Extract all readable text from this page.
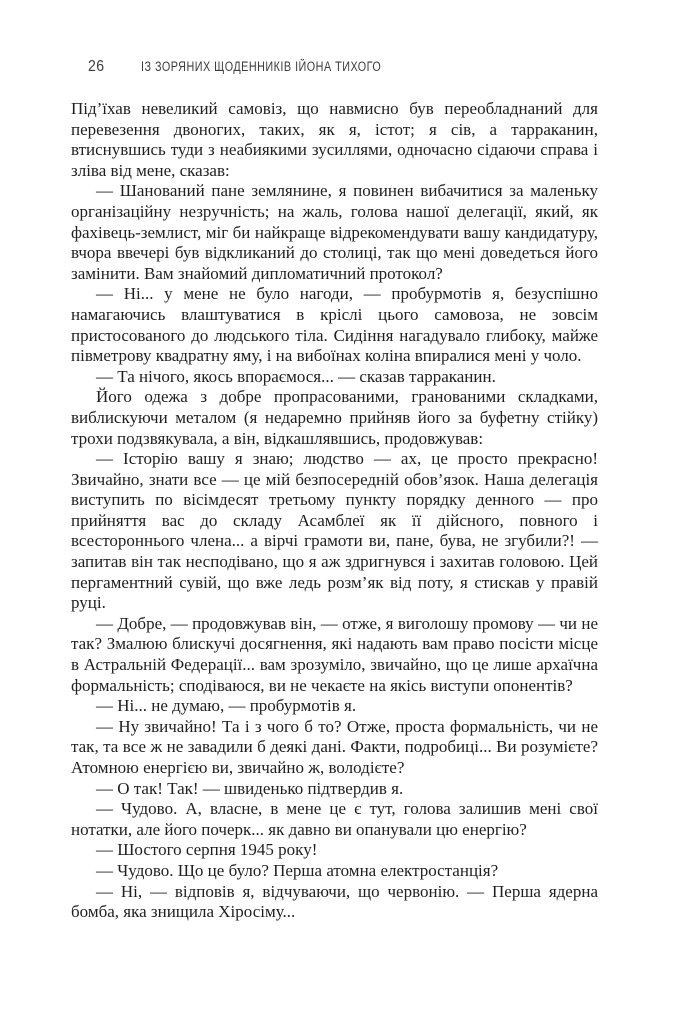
26	ІЗ ЗОРЯНИХ ЩОДЕННИКІВ ІЙОНА ТИХОГО

Під’їхав невеликий самовіз, що навмисно був переобладнаний для перевезення двоногих, таких, як я, істот; я сів, а тарраканин, втиснувшись туди з неабиякими зусиллями, одночасно сідаючи справа і зліва від мене, сказав:

— Шанований пане землянине, я повинен вибачитися за маленьку організаційну незручність; на жаль, голова нашої делегації, який, як фахівець-землист, міг би найкраще відрекомендувати вашу кандидатуру, вчора ввечері був відкликаний до столиці, так що мені доведеться його замінити. Вам знайомий дипломатичний протокол?

— Ні... у мене не було нагоди, — пробурмотів я, безуспішно намагаючись влаштуватися в кріслі цього самовоза, не зовсім пристосованого до людського тіла. Сидіння нагадувало глибоку, майже півметрову квадратну яму, і на вибоїнах коліна впиралися мені у чоло.

— Та нічого, якось впораємося... — сказав тарраканин.

Його одежа з добре пропрасованими, гранованими складками, виблискуючи металом (я недаремно прийняв його за буфетну стійку) трохи подзвякувала, а він, відкашлявшись, продовжував:

— Історію вашу я знаю; людство — ах, це просто прекрасно! Звичайно, знати все — це мій безпосередній обов’язок. Наша делегація виступить по вісімдесят третьому пункту порядку денного — про прийняття вас до складу Асамблеї як її дійсного, повного і всестороннього члена... а вірчі грамоти ви, пане, бува, не згубили?! — запитав він так несподівано, що я аж здригнувся і захитав головою. Цей пергаментний сувій, що вже ледь розм’як від поту, я стискав у правій руці.

— Добре, — продовжував він, — отже, я виголошу промову — чи не так? Змалюю блискучі досягнення, які надають вам право посісти місце в Астральній Федерації... вам зрозуміло, звичайно, що це лише архаїчна формальність; сподіваюся, ви не чекаєте на якісь виступи опонентів?

— Ні... не думаю, — пробурмотів я.

— Ну звичайно! Та і з чого б то? Отже, проста формальність, чи не так, та все ж не завадили б деякі дані. Факти, подробиці... Ви розумієте? Атомною енергією ви, звичайно ж, володієте?

— О так! Так! — швиденько підтвердив я.

— Чудово. А, власне, в мене це є тут, голова залишив мені свої нотатки, але його почерк... як давно ви опанували цю енергію?

— Шостого серпня 1945 року!

— Чудово. Що це було? Перша атомна електростанція?

— Ні, — відповів я, відчуваючи, що червонію. — Перша ядерна бомба, яка знищила Хіросіму...
